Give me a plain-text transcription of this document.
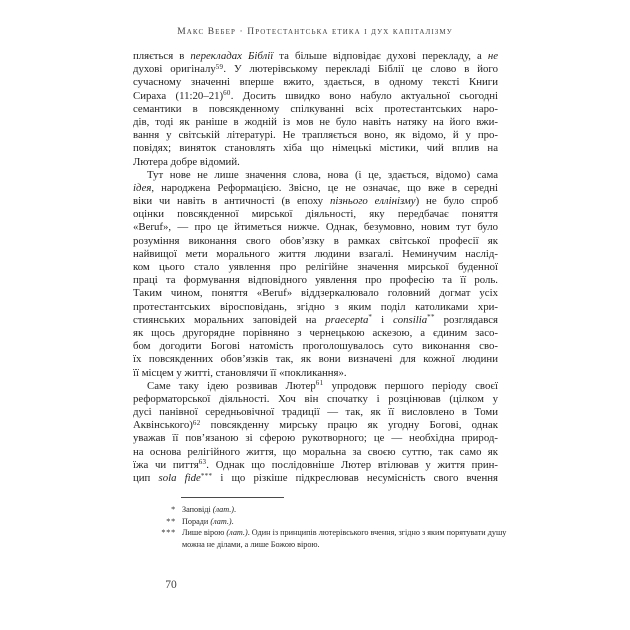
Макс Вебер · Протестантська етика і дух капіталізму
пляється в перекладах Біблії та більше відповідає духові перекладу, а не
духові оригіналу$^{59}$. У лютерівському перекладі Біблії це слово в його
сучасному значенні вперше вжито, здається, в одному тексті Книги
Сираха (11:20–21)$^{60}$. Досить швидко воно набуло актуальної сьогодні
семантики в повсякденному спілкуванні всіх протестантських наро-
дів, тоді як раніше в жодній із мов не було навіть натяку на його вжи-
вання у світській літературі. Не трапляється воно, як відомо, й у про-
повідях; виняток становлять хіба що німецькі містики, чий вплив на
Лютера добре відомий.
Тут нове не лише значення слова, нова (і це, здається, відомо) сама
ідея, народжена Реформацією. Звісно, це не означає, що вже в середні
віки чи навіть в античності (в епоху пізнього еллінізму) не було спроб
оцінки повсякденної мирської діяльності, яку передбачає поняття
«Beruf», — про це йтиметься нижче. Однак, безумовно, новим тут було
розуміння виконання свого обов’язку в рамках світської професії як
найвищої мети морального життя людини взагалі. Неминучим наслід-
ком цього стало уявлення про релігійне значення мирської буденної
праці та формування відповідного уявлення про професію та її роль.
Таким чином, поняття «Beruf» віддзеркалювало головний догмат усіх
протестантських віросповідань, згідно з яким поділ католиками хри-
стиянських моральних заповідей на praecepta* і consilia** розглядався
як щось другорядне порівняно з чернецькою аскезою, а єдиним засо-
бом догодити Богові натомість проголошувалось суто виконання сво-
їх повсякденних обов’язків так, як вони визначені для кожної людини
її місцем у житті, становлячи її «покликання».
Саме таку ідею розвивав Лютер$^{61}$ упродовж першого періоду своєї
реформаторської діяльності. Хоч він спочатку і розцінював (цілком у
дусі панівної середньовічної традиції — так, як її висловлено в Томи
Аквінського)$^{62}$ повсякденну мирську працю як угодну Богові, однак
уважав її пов’язаною зі сферою рукотворного; це — необхідна природ-
на основа релігійного життя, що моральна за своєю суттю, так само як
їжа чи пиття$^{63}$. Однак що послідовніше Лютер втілював у життя прин-
цип sola fide*** і що різкіше підкреслював несумісність свого вчення
* Заповіді (лат.).
** Поради (лат.).
*** Лише вірою (лат.). Один із принципів лютерівського вчення, згідно з яким порятувати душу
можна не ділами, а лише Божою вірою.
70
